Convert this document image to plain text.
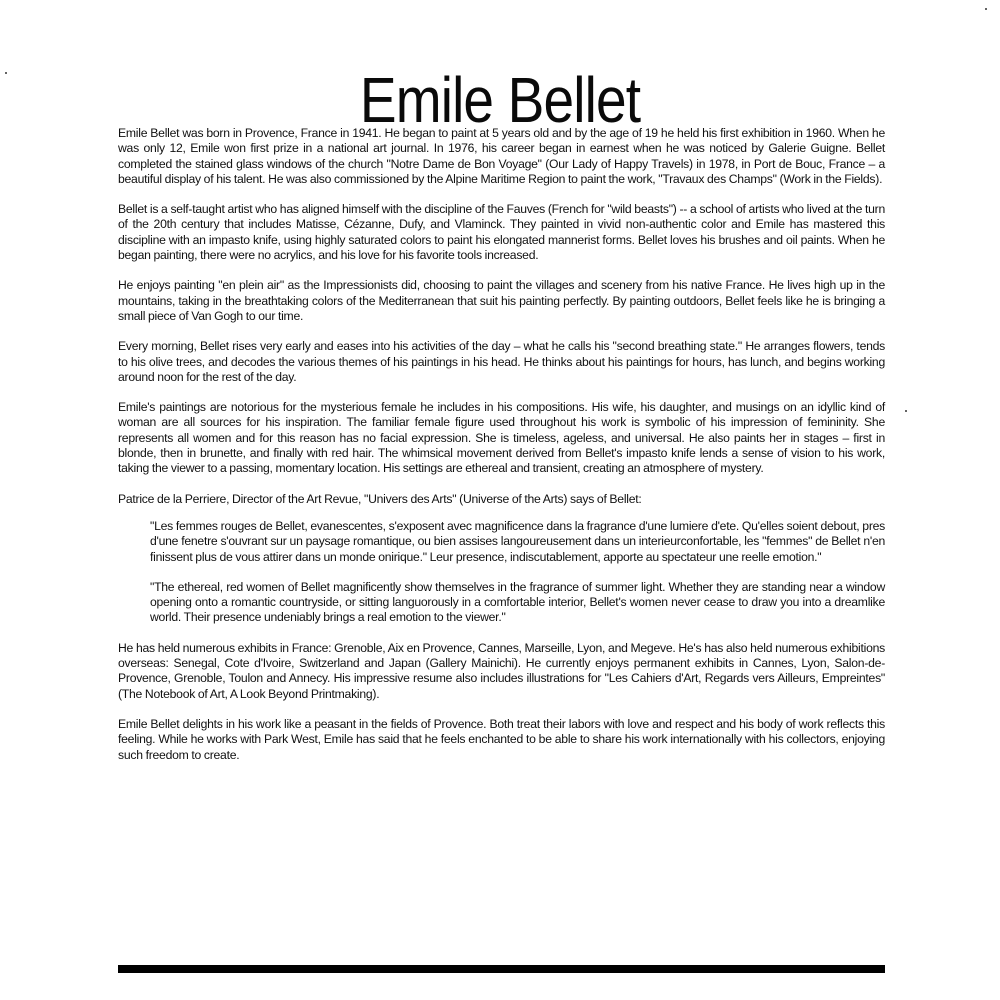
Emile Bellet

Emile Bellet was born in Provence, France in 1941. He began to paint at 5 years old and by the age of 19 he held his first exhibition in 1960. When he was only 12, Emile won first prize in a national art journal. In 1976, his career began in earnest when he was noticed by Galerie Guigne. Bellet completed the stained glass windows of the church "Notre Dame de Bon Voyage" (Our Lady of Happy Travels) in 1978, in Port de Bouc, France – a beautiful display of his talent. He was also commissioned by the Alpine Maritime Region to paint the work, "Travaux des Champs" (Work in the Fields).

Bellet is a self-taught artist who has aligned himself with the discipline of the Fauves (French for "wild beasts") -- a school of artists who lived at the turn of the 20th century that includes Matisse, Cézanne, Dufy, and Vlaminck. They painted in vivid non-authentic color and Emile has mastered this discipline with an impasto knife, using highly saturated colors to paint his elongated mannerist forms. Bellet loves his brushes and oil paints. When he began painting, there were no acrylics, and his love for his favorite tools increased.

He enjoys painting "en plein air" as the Impressionists did, choosing to paint the villages and scenery from his native France. He lives high up in the mountains, taking in the breathtaking colors of the Mediterranean that suit his painting perfectly. By painting outdoors, Bellet feels like he is bringing a small piece of Van Gogh to our time.

Every morning, Bellet rises very early and eases into his activities of the day – what he calls his "second breathing state." He arranges flowers, tends to his olive trees, and decodes the various themes of his paintings in his head. He thinks about his paintings for hours, has lunch, and begins working around noon for the rest of the day.

Emile's paintings are notorious for the mysterious female he includes in his compositions. His wife, his daughter, and musings on an idyllic kind of woman are all sources for his inspiration. The familiar female figure used throughout his work is symbolic of his impression of femininity. She represents all women and for this reason has no facial expression. She is timeless, ageless, and universal. He also paints her in stages – first in blonde, then in brunette, and finally with red hair. The whimsical movement derived from Bellet's impasto knife lends a sense of vision to his work, taking the viewer to a passing, momentary location. His settings are ethereal and transient, creating an atmosphere of mystery.

Patrice de la Perriere, Director of the Art Revue, "Univers des Arts" (Universe of the Arts) says of Bellet:

"Les femmes rouges de Bellet, evanescentes, s'exposent avec magnificence dans la fragrance d'une lumiere d'ete. Qu'elles soient debout, pres d'une fenetre s'ouvrant sur un paysage romantique, ou bien assises langoureusement dans un interieurconfortable, les "femmes" de Bellet n'en finissent plus de vous attirer dans un monde onirique." Leur presence, indiscutablement, apporte au spectateur une reelle emotion."
"The ethereal, red women of Bellet magnificently show themselves in the fragrance of summer light. Whether they are standing near a window opening onto a romantic countryside, or sitting languorously in a comfortable interior, Bellet's women never cease to draw you into a dreamlike world. Their presence undeniably brings a real emotion to the viewer."

He has held numerous exhibits in France: Grenoble, Aix en Provence, Cannes, Marseille, Lyon, and Megeve. He's has also held numerous exhibitions overseas: Senegal, Cote d'Ivoire, Switzerland and Japan (Gallery Mainichi). He currently enjoys permanent exhibits in Cannes, Lyon, Salon-de-Provence, Grenoble, Toulon and Annecy. His impressive resume also includes illustrations for "Les Cahiers d'Art, Regards vers Ailleurs, Empreintes" (The Notebook of Art, A Look Beyond Printmaking).

Emile Bellet delights in his work like a peasant in the fields of Provence. Both treat their labors with love and respect and his body of work reflects this feeling. While he works with Park West, Emile has said that he feels enchanted to be able to share his work internationally with his collectors, enjoying such freedom to create.
